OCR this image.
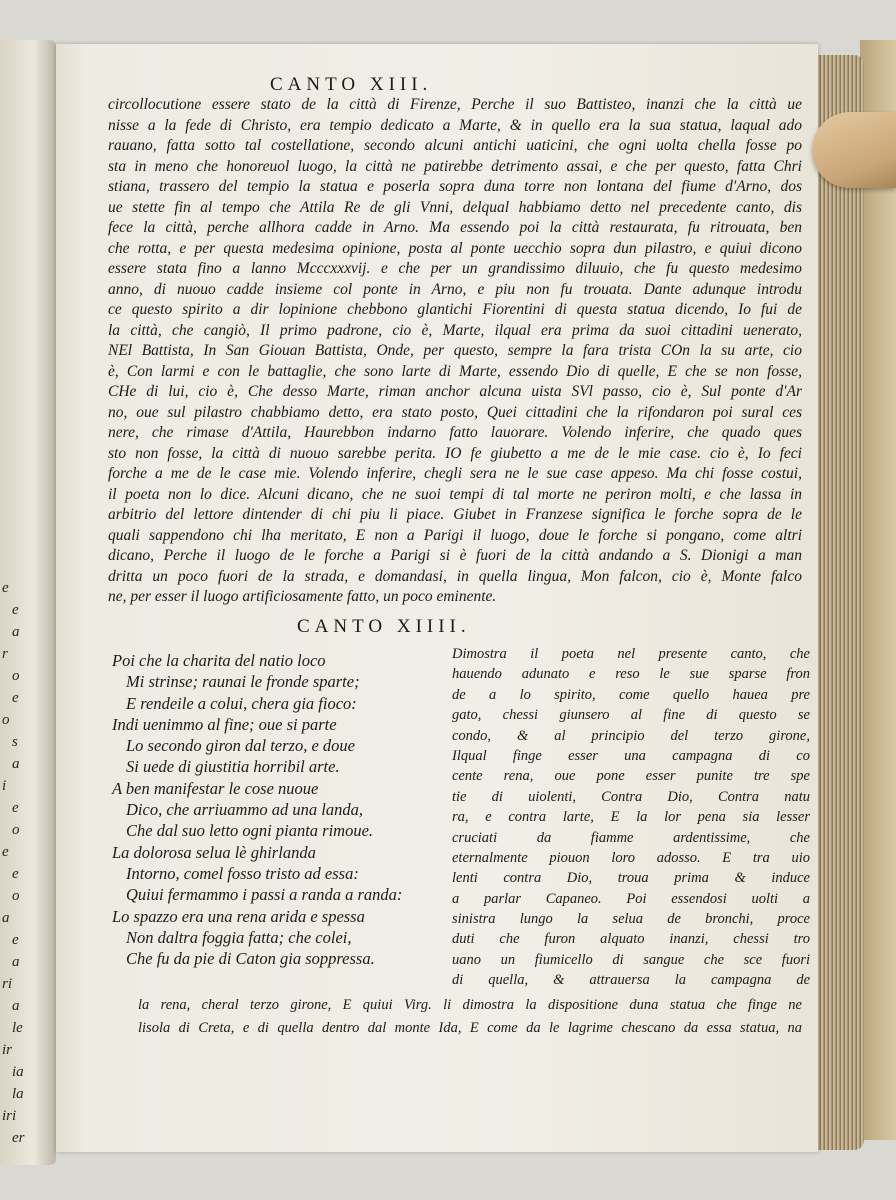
e
e
a
r
o
e
o
s
a
i
e
o
e
e
o
a
e
a
ri
a
le
ir
ia
la
iri
er
CANTO XIII.
circollocutione essere stato de la città di Firenze, Perche il suo Battisteo, inanzi che la città ue
nisse a la fede di Christo, era tempio dedicato a Marte, & in quello era la sua statua, laqual ado
rauano, fatta sotto tal costellatione, secondo alcuni antichi uaticini, che ogni uolta chella fosse po
sta in meno che honoreuol luogo, la città ne patirebbe detrimento assai, e che per questo, fatta Chri
stiana, trassero del tempio la statua e poserla sopra duna torre non lontana del fiume d'Arno, dos
ue stette fin al tempo che Attila Re de gli Vnni, delqual habbiamo detto nel precedente canto, dis
fece la città, perche allhora cadde in Arno. Ma essendo poi la città restaurata, fu ritrouata, ben
che rotta, e per questa medesima opinione, posta al ponte uecchio sopra dun pilastro, e quiui dicono
essere stata fino a lanno Mcccxxxvij. e che per un grandissimo diluuio, che fu questo medesimo
anno, di nuouo cadde insieme col ponte in Arno, e piu non fu trouata. Dante adunque introdu
ce questo spirito a dir lopinione chebbono glantichi Fiorentini di questa statua dicendo, Io fui de
la città, che cangiò, Il primo padrone, cio è, Marte, ilqual era prima da suoi cittadini uenerato,
NEl Battista, In San Giouan Battista, Onde, per questo, sempre la fara trista COn la su arte, cio
è, Con larmi e con le battaglie, che sono larte di Marte, essendo Dio di quelle, E che se non fosse,
CHe di lui, cio è, Che desso Marte, riman anchor alcuna uista SVl passo, cio è, Sul ponte d'Ar
no, oue sul pilastro chabbiamo detto, era stato posto, Quei cittadini che la rifondaron poi sural ces
nere, che rimase d'Attila, Haurebbon indarno fatto lauorare. Volendo inferire, che quado ques
sto non fosse, la città di nuouo sarebbe perita. IO fe giubetto a me de le mie case. cio è, Io feci
forche a me de le case mie. Volendo inferire, chegli sera ne le sue case appeso. Ma chi fosse costui,
il poeta non lo dice. Alcuni dicano, che ne suoi tempi di tal morte ne periron molti, e che lassa in
arbitrio del lettore dintender di chi piu li piace. Giubet in Franzese significa le forche sopra de le
quali sappendono chi lha meritato, E non a Parigi il luogo, doue le forche si pongano, come altri
dicano, Perche il luogo de le forche a Parigi si è fuori de la città andando a S. Dionigi a man
dritta un poco fuori de la strada, e domandasi, in quella lingua, Mon falcon, cio è, Monte falco
ne, per esser il luogo artificiosamente fatto, un poco eminente.
CANTO XIIII.
Poi che la charita del natio loco
Mi strinse; raunai le fronde sparte;
E rendeile a colui, chera gia fioco:
Indi uenimmo al fine; oue si parte
Lo secondo giron dal terzo, e doue
Si uede di giustitia horribil arte.
A ben manifestar le cose nuoue
Dico, che arriuammo ad una landa,
Che dal suo letto ogni pianta rimoue.
La dolorosa selua lè ghirlanda
Intorno, comel fosso tristo ad essa:
Quiui fermammo i passi a randa a randa:
Lo spazzo era una rena arida e spessa
Non daltra foggia fatta; che colei,
Che fu da pie di Caton gia soppressa.
Dimostra il poeta nel presente canto, che
hauendo adunato e reso le sue sparse fron
de a lo spirito, come quello hauea pre
gato, chessi giunsero al fine di questo se
condo, & al principio del terzo girone,
Ilqual finge esser una campagna di co
cente rena, oue pone esser punite tre spe
tie di uiolenti, Contra Dio, Contra natu
ra, e contra larte, E la lor pena sia lesser
cruciati da fiamme ardentissime, che
eternalmente piouon loro adosso. E tra uio
lenti contra Dio, troua prima & induce
a parlar Capaneo. Poi essendosi uolti a
sinistra lungo la selua de bronchi, proce
duti che furon alquato inanzi, chessi tro
uano un fiumicello di sangue che sce fuori
di quella, & attrauersa la campagna de
la rena, cheral terzo girone, E quiui Virg. li dimostra la dispositione duna statua che finge ne
lisola di Creta, e di quella dentro dal monte Ida, E come da le lagrime chescano da essa statua, na
